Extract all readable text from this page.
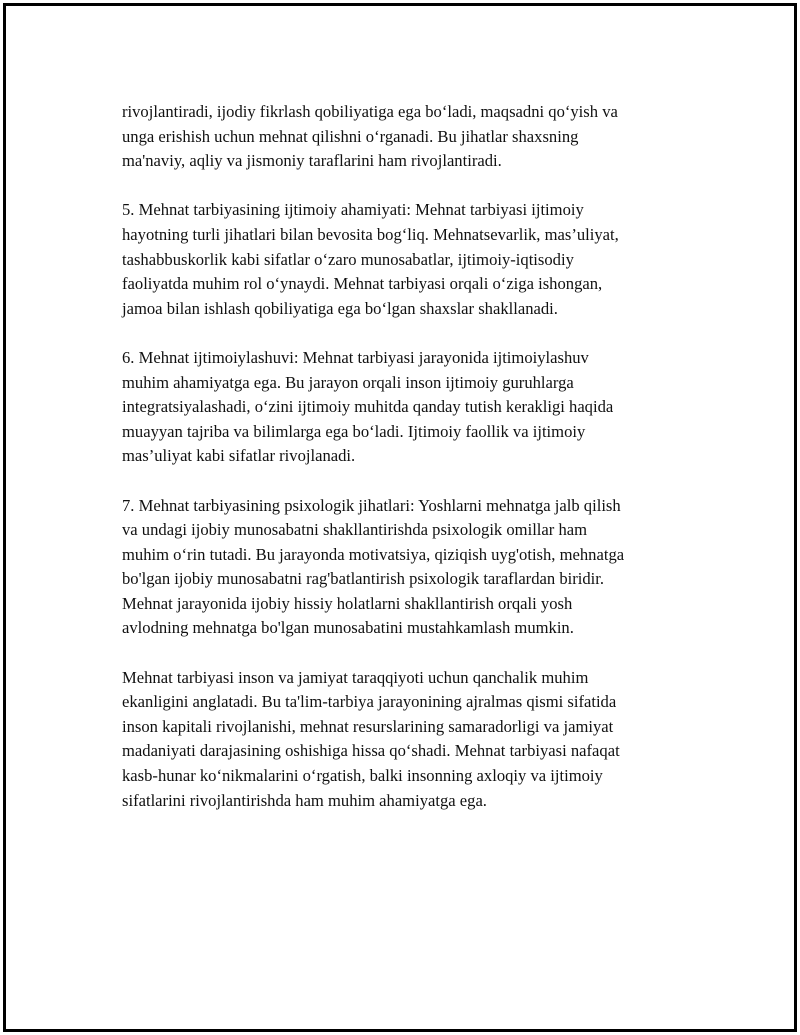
rivojlantiradi, ijodiy fikrlash qobiliyatiga ega bo‘ladi, maqsadni qo‘yish va
unga erishish uchun mehnat qilishni o‘rganadi. Bu jihatlar shaxsning
ma'naviy, aqliy va jismoniy taraflarini ham rivojlantiradi.

5. Mehnat tarbiyasining ijtimoiy ahamiyati: Mehnat tarbiyasi ijtimoiy
hayotning turli jihatlari bilan bevosita bog‘liq. Mehnatsevarlik, mas’uliyat,
tashabbuskorlik kabi sifatlar o‘zaro munosabatlar, ijtimoiy-iqtisodiy
faoliyatda muhim rol o‘ynaydi. Mehnat tarbiyasi orqali o‘ziga ishongan,
jamoa bilan ishlash qobiliyatiga ega bo‘lgan shaxslar shakllanadi.

6. Mehnat ijtimoiylashuvi: Mehnat tarbiyasi jarayonida ijtimoiylashuv
muhim ahamiyatga ega. Bu jarayon orqali inson ijtimoiy guruhlarga
integratsiyalashadi, o‘zini ijtimoiy muhitda qanday tutish kerakligi haqida
muayyan tajriba va bilimlarga ega bo‘ladi. Ijtimoiy faollik va ijtimoiy
mas’uliyat kabi sifatlar rivojlanadi.

7. Mehnat tarbiyasining psixologik jihatlari: Yoshlarni mehnatga jalb qilish
va undagi ijobiy munosabatni shakllantirishda psixologik omillar ham
muhim o‘rin tutadi. Bu jarayonda motivatsiya, qiziqish uyg'otish, mehnatga
bo'lgan ijobiy munosabatni rag'batlantirish psixologik taraflardan biridir.
Mehnat jarayonida ijobiy hissiy holatlarni shakllantirish orqali yosh
avlodning mehnatga bo'lgan munosabatini mustahkamlash mumkin.

Mehnat tarbiyasi inson va jamiyat taraqqiyoti uchun qanchalik muhim
ekanligini anglatadi. Bu ta'lim-tarbiya jarayonining ajralmas qismi sifatida
inson kapitali rivojlanishi, mehnat resurslarining samaradorligi va jamiyat
madaniyati darajasining oshishiga hissa qo‘shadi. Mehnat tarbiyasi nafaqat
kasb-hunar ko‘nikmalarini o‘rgatish, balki insonning axloqiy va ijtimoiy
sifatlarini rivojlantirishda ham muhim ahamiyatga ega.
